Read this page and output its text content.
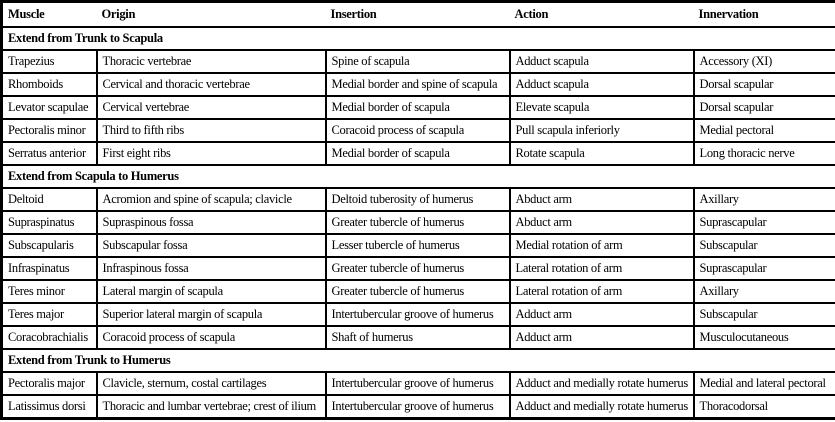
Muscle	Origin	Insertion	Action	Innervation
Extend from Trunk to Scapula				
Trapezius	Thoracic vertebrae	Spine of scapula	Adduct scapula	Accessory (XI)
Rhomboids	Cervical and thoracic vertebrae	Medial border and spine of scapula	Adduct scapula	Dorsal scapular
Levator scapulae	Cervical vertebrae	Medial border of scapula	Elevate scapula	Dorsal scapular
Pectoralis minor	Third to fifth ribs	Coracoid process of scapula	Pull scapula inferiorly	Medial pectoral
Serratus anterior	First eight ribs	Medial border of scapula	Rotate scapula	Long thoracic nerve
Extend from Scapula to Humerus				
Deltoid	Acromion and spine of scapula; clavicle	Deltoid tuberosity of humerus	Abduct arm	Axillary
Supraspinatus	Supraspinous fossa	Greater tubercle of humerus	Abduct arm	Suprascapular
Subscapularis	Subscapular fossa	Lesser tubercle of humerus	Medial rotation of arm	Subscapular
Infraspinatus	Infraspinous fossa	Greater tubercle of humerus	Lateral rotation of arm	Suprascapular
Teres minor	Lateral margin of scapula	Greater tubercle of humerus	Lateral rotation of arm	Axillary
Teres major	Superior lateral margin of scapula	Intertubercular groove of humerus	Adduct arm	Subscapular
Coracobrachialis	Coracoid process of scapula	Shaft of humerus	Adduct arm	Musculocutaneous
Extend from Trunk to Humerus				
Pectoralis major	Clavicle, sternum, costal cartilages	Intertubercular groove of humerus	Adduct and medially rotate humerus	Medial and lateral pectoral
Latissimus dorsi	Thoracic and lumbar vertebrae; crest of ilium	Intertubercular groove of humerus	Adduct and medially rotate humerus	Thoracodorsal
